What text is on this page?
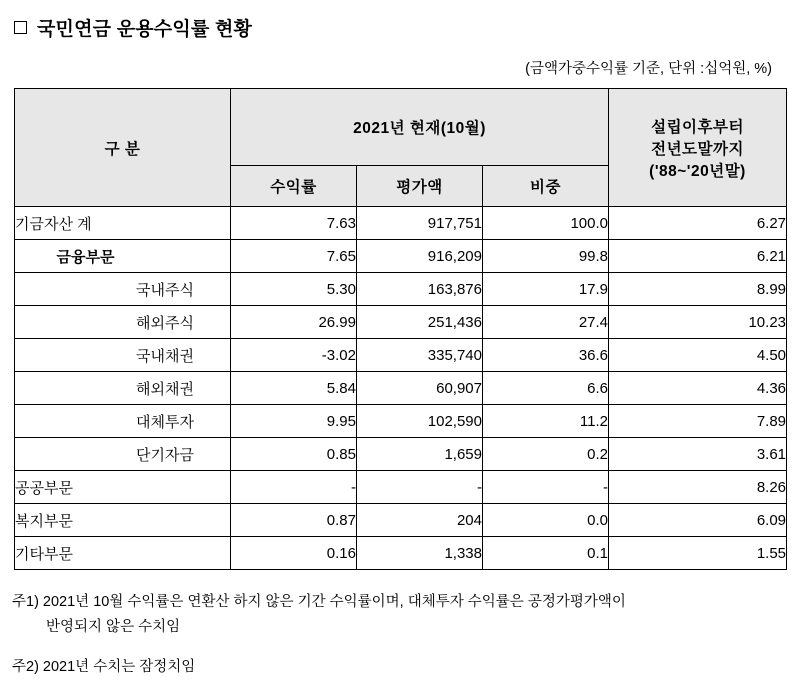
국민연금 운용수익률 현황
(금액가중수익률 기준, 단위 :십억원, %)
구 분	2021년 현재(10월)			설립이후부터
전년도말까지
('88~'20년말)

	수익률	평가액	비중	
기금자산 계	7.63	917,751	100.0	6.27
금융부문	7.65	916,209	99.8	6.21
국내주식	5.30	163,876	17.9	8.99
해외주식	26.99	251,436	27.4	10.23
국내채권	-3.02	335,740	36.6	4.50
해외채권	5.84	60,907	6.6	4.36
대체투자	9.95	102,590	11.2	7.89
단기자금	0.85	1,659	0.2	3.61
공공부문	-	-	-	8.26
복지부문	0.87	204	0.0	6.09
기타부문	0.16	1,338	0.1	1.55
주1) 2021년 10월 수익률은 연환산 하지 않은 기간 수익률이며, 대체투자 수익률은 공정가평가액이
반영되지 않은 수치임
주2) 2021년 수치는 잠정치임
